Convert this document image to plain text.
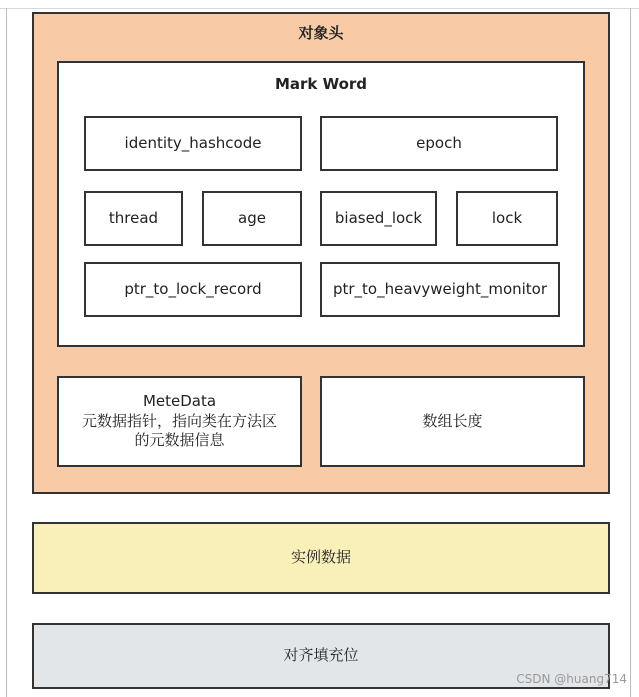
对象头
Mark Word
identity_hashcode	epoch
thread	age	biased_lock	lock
ptr_to_lock_record	ptr_to_heavyweight_monitor
MeteData
元数据指针，指向类在方法区
的元数据信息
数组长度
实例数据
对齐填充位
CSDN @huang714
